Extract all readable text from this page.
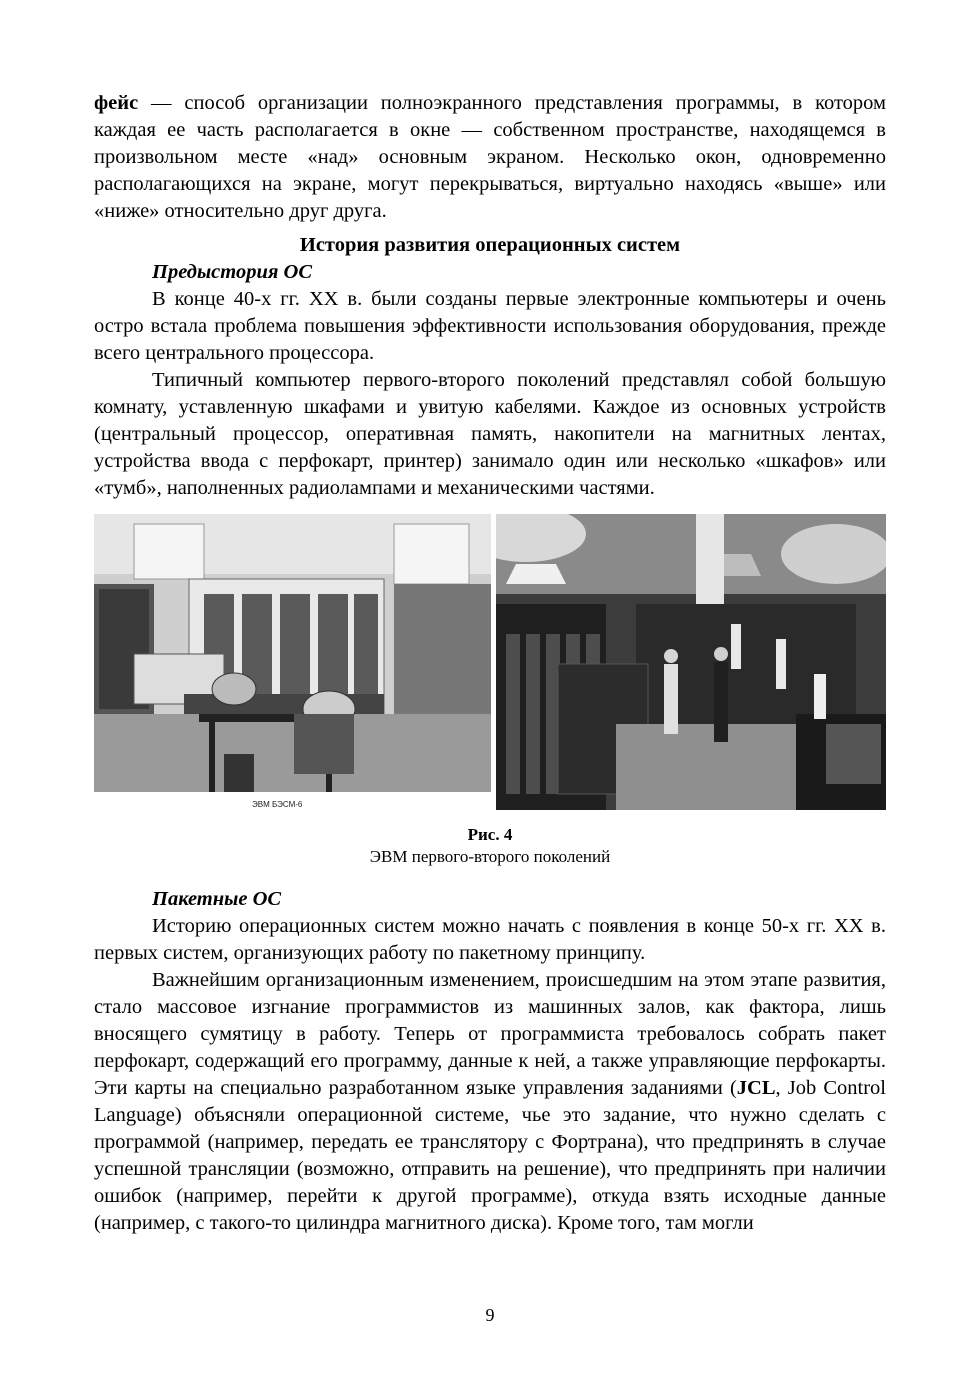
фейс — способ организации полноэкранного представления программы, в котором каждая ее часть располагается в окне — собственном пространстве, находящемся в произвольном месте «над» основным экраном. Несколько окон, одновременно располагающихся на экране, могут перекрываться, виртуально находясь «выше» или «ниже» относительно друг друга.

История развития операционных систем
Предыстория ОС

В конце 40-х гг. XX в. были созданы первые электронные компьютеры и очень остро встала проблема повышения эффективности использования оборудования, прежде всего центрального процессора.

Типичный компьютер первого-второго поколений представлял собой большую комнату, уставленную шкафами и увитую кабелями. Каждое из основных устройств (центральный процессор, оперативная память, накопители на магнитных лентах, устройства ввода с перфокарт, принтер) занимало один или несколько «шкафов» или «тумб», наполненных радиолампами и механическими частями.

ЭВМ БЭСМ-6
Рис. 4
ЭВМ первого-второго поколений
Пакетные ОС

Историю операционных систем можно начать с появления в конце 50-х гг. XX в. первых систем, организующих работу по пакетному принципу.

Важнейшим организационным изменением, происшедшим на этом этапе развития, стало массовое изгнание программистов из машинных залов, как фактора, лишь вносящего сумятицу в работу. Теперь от программиста требовалось собрать пакет перфокарт, содержащий его программу, данные к ней, а также управляющие перфокарты. Эти карты на специально разработанном языке управления заданиями (JCL, Job Control Language) объясняли операционной системе, чье это задание, что нужно сделать с программой (например, передать ее транслятору с Фортрана), что предпринять в случае успешной трансляции (возможно, отправить на решение), что предпринять при наличии ошибок (например, перейти к другой программе), откуда взять исходные данные (например, с такого-то цилиндра магнитного диска). Кроме того, там могли

9
